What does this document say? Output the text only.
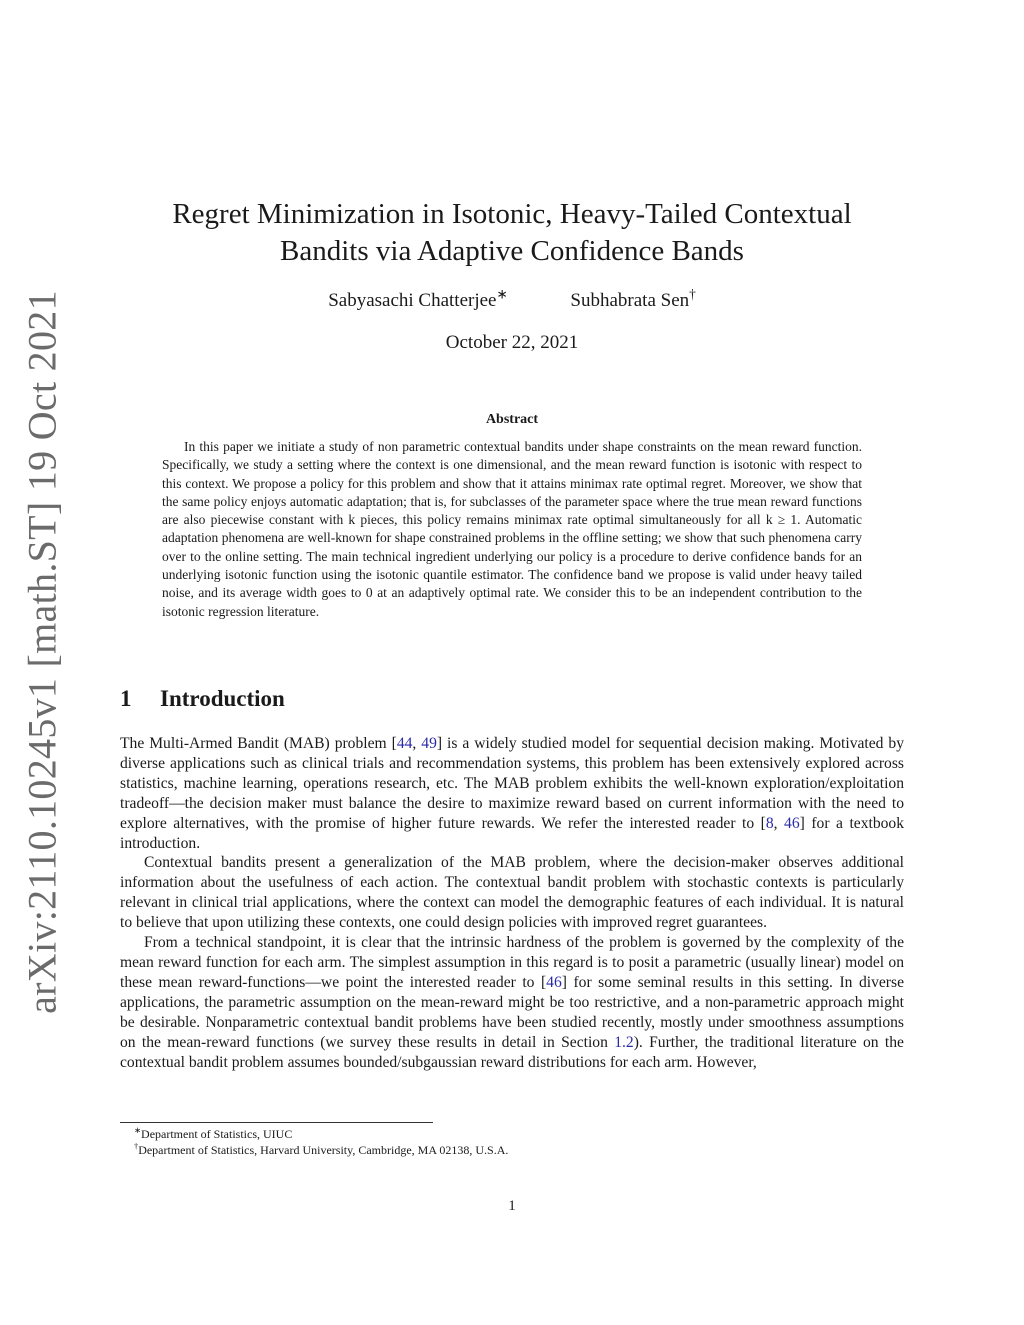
arXiv:2110.10245v1 [math.ST] 19 Oct 2021
Regret Minimization in Isotonic, Heavy-Tailed Contextual
Bandits via Adaptive Confidence Bands
Sabyasachi Chatterjee∗	Subhabrata Sen†
October 22, 2021
Abstract
In this paper we initiate a study of non parametric contextual bandits under shape constraints on the mean reward function. Specifically, we study a setting where the context is one dimensional, and the mean reward function is isotonic with respect to this context. We propose a policy for this problem and show that it attains minimax rate optimal regret. Moreover, we show that the same policy enjoys automatic adaptation; that is, for subclasses of the parameter space where the true mean reward functions are also piecewise constant with k pieces, this policy remains minimax rate optimal simultaneously for all k ≥ 1. Automatic adaptation phenomena are well-known for shape constrained problems in the offline setting; we show that such phenomena carry over to the online setting. The main technical ingredient underlying our policy is a procedure to derive confidence bands for an underlying isotonic function using the isotonic quantile estimator. The confidence band we propose is valid under heavy tailed noise, and its average width goes to 0 at an adaptively optimal rate. We consider this to be an independent contribution to the isotonic regression literature.
1 Introduction

The Multi-Armed Bandit (MAB) problem [44, 49] is a widely studied model for sequential decision making. Motivated by diverse applications such as clinical trials and recommendation systems, this problem has been extensively explored across statistics, machine learning, operations research, etc. The MAB problem exhibits the well-known exploration/exploitation tradeoff—the decision maker must balance the desire to maximize reward based on current information with the need to explore alternatives, with the promise of higher future rewards. We refer the interested reader to [8, 46] for a textbook introduction.

Contextual bandits present a generalization of the MAB problem, where the decision-maker observes additional information about the usefulness of each action. The contextual bandit problem with stochastic contexts is particularly relevant in clinical trial applications, where the context can model the demographic features of each individual. It is natural to believe that upon utilizing these contexts, one could design policies with improved regret guarantees.

From a technical standpoint, it is clear that the intrinsic hardness of the problem is governed by the complexity of the mean reward function for each arm. The simplest assumption in this regard is to posit a parametric (usually linear) model on these mean reward-functions—we point the interested reader to [46] for some seminal results in this setting. In diverse applications, the parametric assumption on the mean-reward might be too restrictive, and a non-parametric approach might be desirable. Nonparametric contextual bandit problems have been studied recently, mostly under smoothness assumptions on the mean-reward functions (we survey these results in detail in Section 1.2). Further, the traditional literature on the contextual bandit problem assumes bounded/subgaussian reward distributions for each arm. However,

∗Department of Statistics, UIUC
†Department of Statistics, Harvard University, Cambridge, MA 02138, U.S.A.
1
